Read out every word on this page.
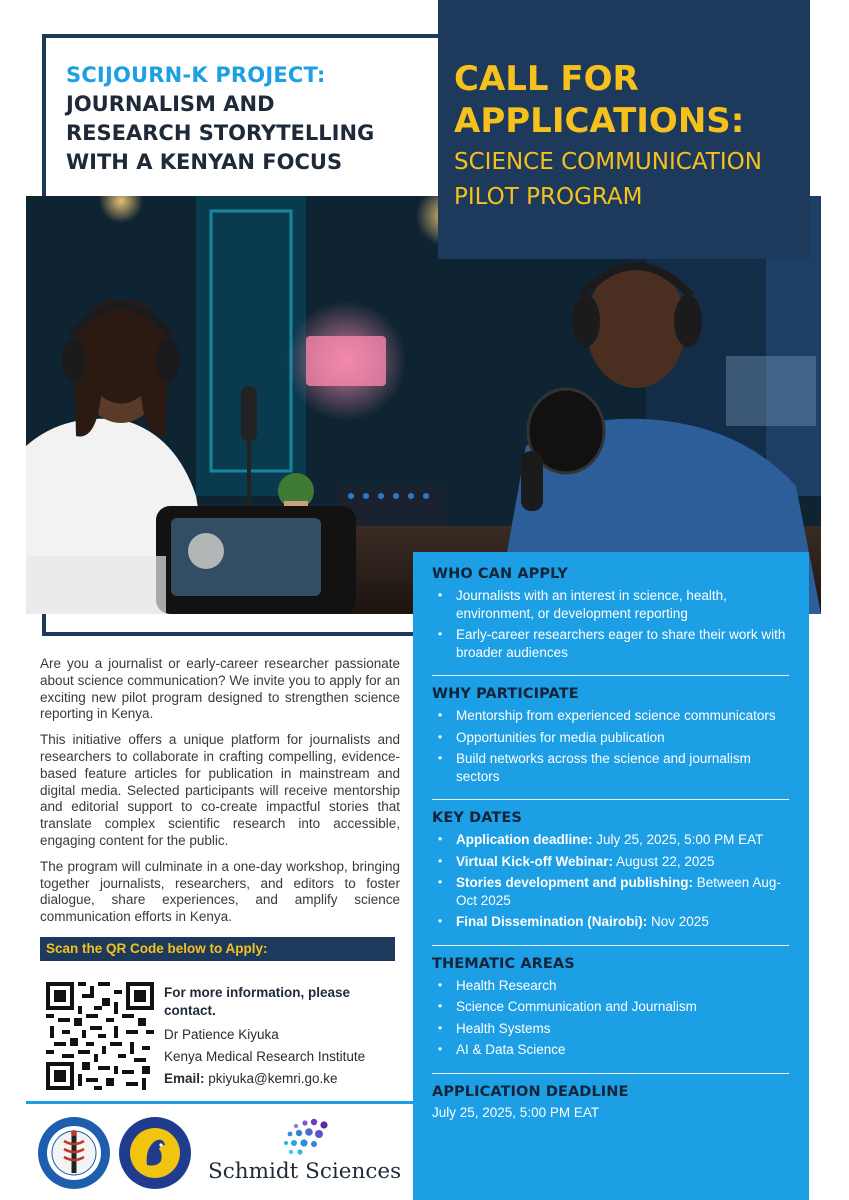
SCIJOURN-K PROJECT:
JOURNALISM AND
RESEARCH STORYTELLING
WITH A KENYAN FOCUS
CALL FOR
APPLICATIONS:
SCIENCE COMMUNICATION
PILOT PROGRAM
WHO CAN APPLY
• Journalists with an interest in science, health, environment, or development reporting
• Early-career researchers eager to share their work with broader audiences
WHY PARTICIPATE
• Mentorship from experienced science communicators
• Opportunities for media publication
• Build networks across the science and journalism sectors
KEY DATES
• Application deadline: July 25, 2025, 5:00 PM EAT
• Virtual Kick-off Webinar: August 22, 2025
• Stories development and publishing: Between Aug-Oct 2025
• Final Dissemination (Nairobi): Nov 2025
THEMATIC AREAS
• Health Research
• Science Communication and Journalism
• Health Systems
• AI & Data Science
APPLICATION DEADLINE
July 25, 2025, 5:00 PM EAT

Are you a journalist or early-career researcher passionate about science communication? We invite you to apply for an exciting new pilot program designed to strengthen science reporting in Kenya.

This initiative offers a unique platform for journalists and researchers to collaborate in crafting compelling, evidence-based feature articles for publication in mainstream and digital media. Selected participants will receive mentorship and editorial support to co-create impactful stories that translate complex scientific research into accessible, engaging content for the public.

The program will culminate in a one-day workshop, bringing together journalists, researchers, and editors to foster dialogue, share experiences, and amplify science communication efforts in Kenya.

Scan the QR Code below to Apply:
For more information, please
contact.
Dr Patience Kiyuka
Kenya Medical Research Institute
Email: pkiyuka@kemri.go.ke
Schmidt Sciences
